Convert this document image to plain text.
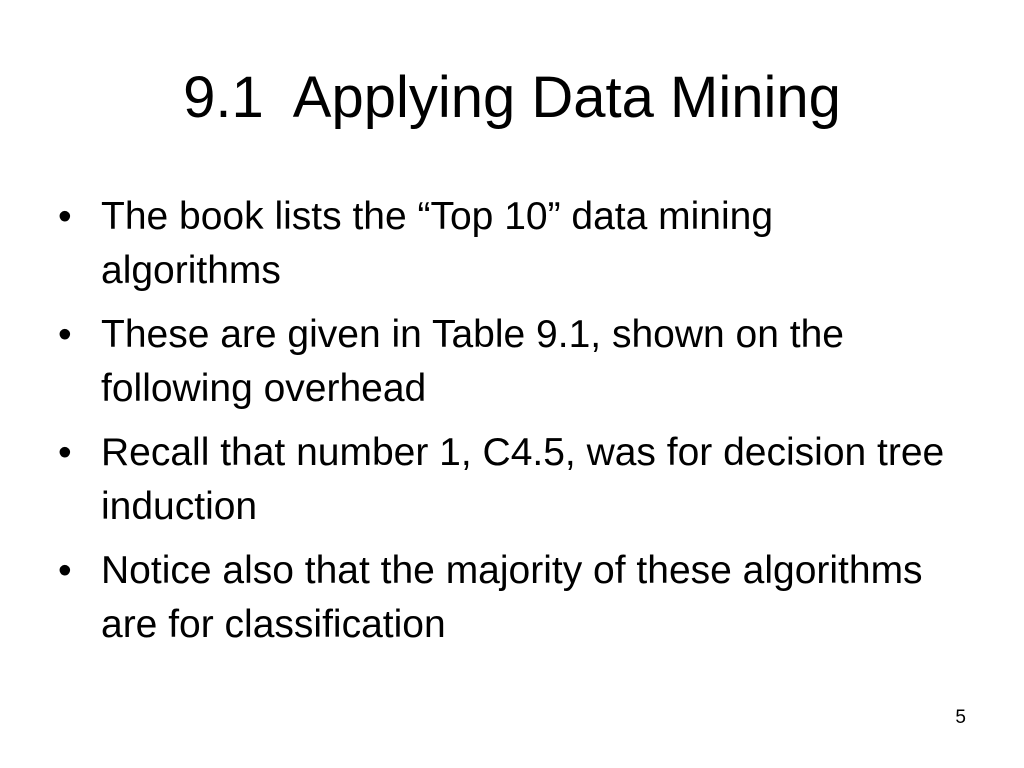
9.1  Applying Data Mining
• The book lists the “Top 10” data mining algorithms
• These are given in Table 9.1, shown on the following overhead
• Recall that number 1, C4.5, was for decision tree induction
• Notice also that the majority of these algorithms are for classification
5
